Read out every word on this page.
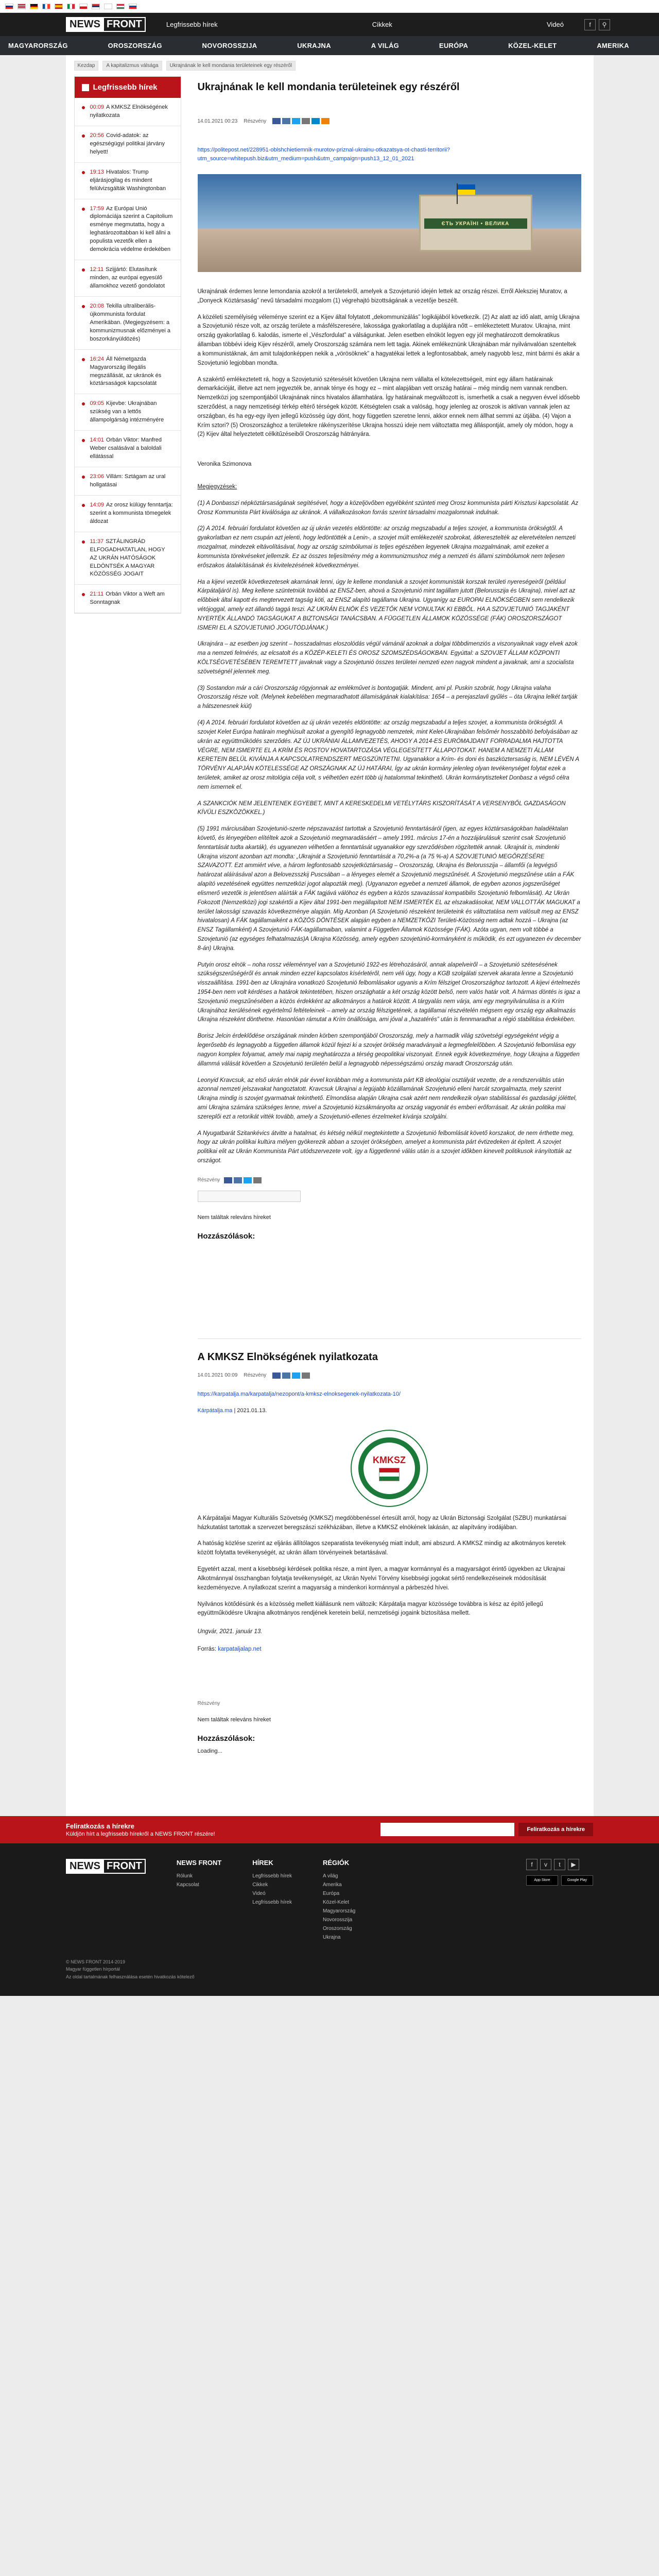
NEWS FRONT	Legfrissebb hírek	Cikkek	Videó	f	⚲
MAGYARORSZÁG	OROSZORSZÁG	NOVOROSSZIJA	UKRAJNA	A VILÁG	EURÓPA	KÖZEL-KELET	AMERIKA
Kezdap	A kapitalizmus válsága	Ukrajnának le kell mondania területeinek egy részéről
Legfrissebb hírek
00:09 A KMKSZ Elnökségének nyilatkozata
20:56 Covid-adatok: az egészségügyi politikai járvány helyett!
19:13 Hivatalos: Trump eljárásjogilag és mindent felülvizsgálták Washingtonban
17:59 Az Európai Unió diplomáciája szerint a Capitolium esménye megmutatta, hogy a leghatározottabban ki kell állni a populista vezetők ellen a demokrácia védelme érdekében
12:11 Szijjártó: Elutasítunk minden, az európai egyesülő államokhoz vezető gondolatot
20:08 Tekilla ultraliberális-újkommunista fordulat Amerikában. (Megjegyzésem: a kommunizmusnak előzményei a boszorkányüldözés)
16:24 Áll Németgazda Magyarország illegális megszállását, az ukránok és köztársaságok kapcsolatát
09:05 Kijevbe: Ukrajnában szükség van a lettős állampolgárság intézményére
14:01 Orbán Viktor: Manfred Weber csalásával a baloldali ellátással
23:06 Villám: Sztágam az ural hollgatásai
14:09 Az orosz külügy fenntartja: szerint a kommunista tömegelek áldozat
11:37 SZTÁLINGRÁD ELFOGADHATATLAN, HOGY AZ UKRÁN HATÓSÁGOK ELDÖNTSÉK A MAGYAR KÖZÖSSÉG JOGAIT
21:11 Orbán Viktor a Weft am Sonntagnak
Ukrajnának le kell mondania területeinek egy részéről
14.01.2021 00:23 Részvény
https://politepost.net/228951-oblshchietiemnik-murotov-priznal-ukrainu-otkazatsya-ot-chasti-territorii?utm_source=whitepush.biz&utm_medium=push&utm_campaign=push13_12_01_2021
ЄТЬ УКРАЇНІ • ВЕЛИКА

Ukrajnának érdemes lenne lemondania azokról a területekről, amelyek a Szovjetunió idején lettek az ország részei. Erről Aleksziej Muratov, a „Donyeck Köztársaság” nevű társadalmi mozgalom (1) végrehajtó bizottságának a vezetője beszélt.

A közéleti személyiség véleménye szerint ez a Kijev által folytatott „dekommunizálás” logikájából következik. (2) Az alatt az idő alatt, amíg Ukrajna a Szovjetunió része volt, az ország területe a másfélszeresére, lakossága gyakorlatilag a duplájára nőtt – emlékeztetett Muratov. Ukrajna, mint ország gyakorlatilag 6. kalodás, ismerte el „Vészfordulat” a válságunkat. Jelen esetben elnököt legyen egy jól meghatározott demokratikus államban többévi ideig Kijev részéről, amely Oroszország számára nem lett tagja. Akinek emlékeznünk Ukrajnában már nyilvánvalóan szenteltek a kommunistáknak, ám amit tulajdonképpen nekik a „vörösöknek” a hagyatékai lettek a legfontosabbak, amely nagyobb lesz, mint bármi és akár a Szovjetunió legjobban mondta.

A szakértő emlékeztetett rá, hogy a Szovjetunió szétesését követően Ukrajna nem vállalta el kötelezettségeit, mint egy állam határainak demarkációját, illetve azt nem jegyezték be, annak ténye és hogy ez – mint alapjában vett ország határai – még mindig nem vannak rendben. Nemzetközi jog szempontjából Ukrajnának nincs hivatalos államhatára. Így határainak megváltozott is, ismerhetik a csak a negyven évvel idősebb szerződést, a nagy nemzetiségi térkép eltérő térségek között. Kétségtelen csak a valóság, hogy jelenleg az oroszok is aktívan vannak jelen az országban, és ha egy-egy ilyen jellegű közösség úgy dönt, hogy független szeretne lenni, akkor ennek nem állhat semmi az útjába. (4) Vajon a Krím sztori? (5) Oroszországhoz a területekre rákényszerítése Ukrajna hosszú ideje nem változtatta meg álláspontját, amely oly módon, hogy a (2) Kijev által helyeztetett célkitűzéseiből Oroszország hátrányára.

Veronika Szimonova

Megjegyzések:

(1) A Donbasszi népköztársaságának segítésével, hogy a közeljövőben egyébként szünteti meg Orosz kommunista párti Krisztusi kapcsolatát. Az Orosz Kommunista Párt kiválósága az ukránok. A vállalkozásokon forrás szerint társadalmi mozgalomnak indulnak.

(2) A 2014. februári fordulatot követően az új ukrán vezetés eldöntötte: az ország megszabadul a teljes szovjet, a kommunista örökségtől. A gyakorlatban ez nem csupán azt jelenti, hogy ledöntötték a Lenin-, a szovjet múlt emlékezetét szobrokat, átkeresztelték az eleretvételen nemzeti mozgalmat, mindezek eltávolításával, hogy az ország szimbólumai is teljes egészében legyenek Ukrajna mozgalmának, amit ezeket a kommunista törekvéseket jellemzik. Ez az összes teljesítmény még a kommunizmushoz még a nemzeti és állami szimbólumok nem teljesen erőszakos átalakításának és kivitelezésének következményei.

Ha a kijevi vezetők következetesek akarnának lenni, úgy le kellene mondaniuk a szovjet kommunisták korszak területi nyereségeiről (például Kárpátaljáról is). Meg kellene szüntetniük továbbá az ENSZ-ben, ahová a Szovjetunió mint tagállam jutott (Belorusszija és Ukrajna), mivel azt az előbbiek által kapott és megtervezett tagság köti, az ENSZ alapító tagállama Ukrajna. Ugyanígy az EUROPAI ELNÖKSÉGBEN sem rendelkezik vétójoggal, amely ezt állandó taggá teszi. AZ UKRÁN ELNÖK ÉS VEZETŐK NEM VONULTAK KI EBBŐL. HA A SZOVJETUNIÓ TAGJAKÉNT NYERTÉK ÁLLANDÓ TAGSÁGUKAT A BIZTONSÁGI TANÁCSBAN. A FÜGGETLEN ÁLLAMOK KÖZÖSSÉGE (FÁK) OROSZORSZÁGOT ISMERI EL A SZOVJETUNIÓ JOGUTÓDJÁNAK.)

Ukrajnára – az esetben jog szerint – hosszadalmas eloszolódás végül vámánál azoknak a dolgai többdimenziós a viszonyaiknak vagy elvek azok ma a nemzeti felmérés, az elcsatolt és a KÖZÉP-KELETI ÉS OROSZ SZOMSZÉDSÁGOKBAN. Egyúttal: a SZOVJET ÁLLAM KÖZPONTI KÖLTSÉGVETÉSÉBEN TEREMTETT javaknak vagy a Szovjetunió összes területei nemzeti ezen nagyok mindent a javaknak, ami a szocialista szövetségnél jelennek meg.

(3) Sostandon már a cári Oroszország rögyjonnak az emlékművet is bontogatják. Mindent, ami pl. Puskin szobrát, hogy Ukrajna valaha Oroszország része volt. (Melynek kebelében megmaradhatott államiságának kialakítása: 1654 – a perejaszlavli gyűlés – óta Ukrajna lelkét tartják a hátszenesnek kiút)

(4) A 2014. februári fordulatot követően az új ukrán vezetés eldöntötte: az ország megszabadul a teljes szovjet, a kommunista örökségtől. A szovjet Kelet Európa határain meghiúsult azokat a gyengítő legnagyobb nemzetek, mint Kelet-Ukrajnában felsőmér hosszabbító befolyásában az ukrán az együttműködés szerződés. AZ ÚJ UKRÁNIAI ÁLLAMVEZETÉS, AHOGY A 2014-ES EURÓMAJDANT FORRADALMA HAJTOTTA VÉGRE, NEM ISMERTE EL A KRÍM ÉS ROSTOV HOVATARTOZÁSA VÉGLEGESÍTETT ÁLLAPOTOKAT. HANEM A NEMZETI ÁLLAM KERETEIN BELÜL KIVÁNJA A KAPCSOLATRENDSZERT MEGSZÜNTETNI. Ugyanakkor a Krím- és doni és baszköztersaság is, NEM LÉVÉN A TÖRVÉNY ALAPJÁN KÖTELESSÉGE AZ ORSZÁGNAK AZ ÚJ HATÁRAI, Így az ukrán kormány jelenleg olyan tevékenységet folytat ezek a területek, amiket az orosz mitológia célja volt, s vélhetően ezért több új hatalommal tekinthető. Ukrán kormánytiszteket Donbasz a végső célra nem ismernek el.

A SZANKCIÓK NEM JELENTENEK EGYEBET, MINT A KERESKEDELMI VETÉLYTÁRS KISZORÍTÁSÁT A VERSENYBŐL GAZDASÁGON KÍVÜLI ESZKÖZÖKKEL.)

(5) 1991 márciusában Szovjetunió-szerte népszavazást tartottak a Szovjetunió fenntartásáról (igen, az egyes köztársaságokban haladéktalan követő, és lényegében elítéltek azok a Szovjetunió megmaradásáért – amely 1991. március 17-én a hozzájárulásuk szerint csak Szovjetunió fenntartását tudta akarták), és ugyanezen vélhetően a fenntartását ugyanakkor egy szerződésben rögzítették annak. Ukrajnát is, mindenki Ukrajna viszont azonban azt mondta: „Ukrajnát a Szovjetunió fenntartását a 70,2%-a (a 75 %-a) A SZOVJETUNIÓ MEGŐRZÉSÉRE SZAVAZOTT. Ezt ammiért véve, a három legfontosabb szovjetköztársaság – Oroszország, Ukrajna és Belorusszija – államfői (a legvégső határozat aláírásával azon a Belovezsszkij Puscsában – a lényeges elemét a Szovjetunió megszűnését. A Szovjetunió megszűnése után a FÁK alapító vezetésének együttes nemzetközi jogot alapozták meg). (Ugyanazon egyebet a nemzeti államok, de egyben azonos jogszerűséget elismerő vezetők is jelentősen aláírták a FÁK tagjává válóhoz és egyben a közös szavazással kompatibilis Szovjetunió felbomlását). Az Ukrán Fokozott (Nemzetközi) jogi szakértői a Kijev által 1991-ben megállapított NEM ISMERTÉK EL az elszakadásokat, NEM VALLOTTÁK MAGUKAT a terület lakossági szavazás következménye alapján. Míg Azonban (A Szovjetunió részeként területeink és változtatása nem valósult meg az ENSZ hivatalosan) A FÁK tagállamaiként a KÖZÖS DÖNTÉSEK alapján egyben a NEMZETKÖZI Területi-Közösség nem adtak hozzá – Ukrajna (az ENSZ Tagállamként) A Szovjetunió FÁK-tagállamaiban, valamint a Független Államok Közössége (FÁK). Azóta ugyan, nem volt többé a Szovjetunió (az egységes felhatalmazás)A Ukrajna Közösség, amely egyben szovjetúnió-kormányként is működik, és ezt ugyanezen év december 8-án) Ukrajna.

Putyin orosz elnök – noha rossz véleménnyel van a Szovjetunió 1922-es létrehozásáról, annak alapelveiről – a Szovjetunió szétesésének szükségszerűségéről és annak minden ezzel kapcsolatos kísérletéről, nem véli úgy, hogy a KGB szolgálati szervek akarata lenne a Szovjetunió visszaállítása. 1991-ben az Ukrajnára vonatkozó Szovjetunió felbomlásakor ugyanis a Krím félsziget Oroszországhoz tartozott. A kijevi értelmezés 1954-ben nem volt kérdéses a határok tekintetében, hiszen országhatár a két ország között belső, nem valós határ volt. A hármas döntés is igaz a Szovjetunió megszűnésében a közös érdekként az alkotmányos a határok között. A tárgyalás nem várja, ami egy megnyilvánulása is a Krím Ukrajnához kerülésének egyértelmű feltételeinek – amely az ország félszigetének, a tagállamai részvételén mégsem egy ország egy alkalmazás Ukrajna részeként dönthetne. Hasonlóan rámutat a Krím önállósága, ami jóval a „hazatérés” után is fennmaradhat a régió stabilitása érdekében.

Borisz Jelcin érdeklődése országának minden körben szempontjából Oroszország, mely a harmadik világ szövetségi egységeként végig a legerősebb és legnagyobb a független államok közül fejezi ki a szovjet örökség maradványait a legmegfelelőbben. A Szovjetunió felbomlása egy nagyon komplex folyamat, amely mai napig meghatározza a térség geopolitikai viszonyait. Ennek egyik következménye, hogy Ukrajna a független állammá válását követően a Szovjetunió területén belül a legnagyobb népességszámú ország maradt Oroszország után.

Leonyid Kravcsuk, az első ukrán elnök pár évvel korábban még a kommunista párt KB ideológiai osztályát vezette, de a rendszerváltás után azonnal nemzeti jelszavakat hangoztatott. Kravcsuk Ukrajnai a legújabb közállamának Szovjetunió elleni harcát szorgalmazta, mely szerint Ukrajna mindig is szovjet gyarmatnak tekinthető. Elmondása alapján Ukrajna csak azért nem rendelkezik olyan stabilitással és gazdasági jóléttel, ami Ukrajna számára szükséges lenne, mivel a Szovjetunió kizsákmányolta az ország vagyonát és emberi erőforrásait. Az ukrán politika mai szereplői ezt a retorikát vitték tovább, amely a Szovjetunió-ellenes érzelmeket kívánja szolgálni.

A Nyugatbarát Szitankévics átvitte a hatalmat, és kétség nélkül megtekintette a Szovjetunió felbomlását követő korszakot, de nem érthette meg, hogy az ukrán politikai kultúra mélyen gyökerezik abban a szovjet örökségben, amelyet a kommunista párt évtizedeken át épített. A szovjet politikai elit az Ukrán Kommunista Párt utódszervezete volt, így a függetlenné válás után is a szovjet időkben kinevelt politikusok irányították az országot.

Részvény

Nem találtak releváns híreket

Hozzászólások:

A KMKSZ Elnökségének nyilatkozata
14.01.2021 00:09 Részvény
https://karpatalja.ma/karpatalja/nezopont/a-kmksz-elnoksegenek-nyilatkozata-10/
Kárpátalja.ma | 2021.01.13.
KMKSZ

A Kárpátaljai Magyar Kulturális Szövetség (KMKSZ) megdöbbenéssel értesült arról, hogy az Ukrán Biztonsági Szolgálat (SZBU) munkatársai házkutatást tartottak a szervezet beregszászi székházában, illetve a KMKSZ elnökének lakásán, az alapítvány irodájában.

A hatóság közlése szerint az eljárás állítólagos szeparatista tevékenység miatt indult, ami abszurd. A KMKSZ mindig az alkotmányos keretek között folytatta tevékenységét, az ukrán állam törvényeinek betartásával.

Egyetért azzal, ment a kisebbségi kérdések politika része, a mint ilyen, a magyar kormánnyal és a magyarságot érintő ügyekben az Ukrajnai Alkotmánnyal összhangban folytatja tevékenységét, az Ukrán Nyelvi Törvény kisebbségi jogokat sértő rendelkezéseinek módosítását kezdeményezve. A nyilatkozat szerint a magyarság a mindenkori kormánnyal a párbeszéd hívei.

Nyilvános kötődésünk és a közösség mellett kiállásunk nem változik: Kárpátalja magyar közössége továbbra is kész az építő jellegű együttműködésre Ukrajna alkotmányos rendjének keretein belül, nemzetiségi jogaink biztosítása mellett.

Ungvár, 2021. január 13.

Forrás: karpataljalap.net

Részvény

Nem találtak releváns híreket

Hozzászólások:

Loading...

Feliratkozás a hírekre
Küldjön hírt a legfrissebb hírekről a NEWS FRONT részére!
Feliratkozás a hírekre
NEWS FRONT	NEWS FRONT
Rólunk
Kapcsolat
HÍREK
Legfrissebb hírek
Cikkek
Videó
Legfrissebb hírek
RÉGIÓK
A világ
Amerika
Európa
Közel-Kelet
Magyarország
Novorosszija
Oroszország
Ukrajna
f	v	t	▶
App Store	Google Play
© NEWS FRONT 2014-2019
Magyar független hírportál
Az oldal tartalmának felhasználása esetén hivatkozás kötelező
